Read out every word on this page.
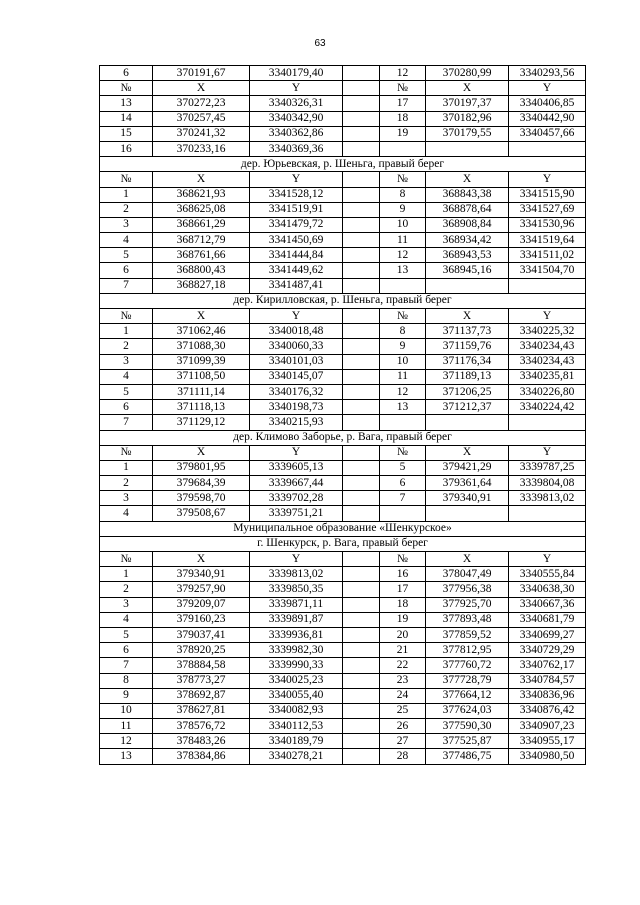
63
6	370191,67	3340179,40		12	370280,99	3340293,56
№	X	Y		№	X	Y
13	370272,23	3340326,31		17	370197,37	3340406,85
14	370257,45	3340342,90		18	370182,96	3340442,90
15	370241,32	3340362,86		19	370179,55	3340457,66
16	370233,16	3340369,36				
дер. Юрьевская, р. Шеньга, правый берег						
№	X	Y		№	X	Y
1	368621,93	3341528,12		8	368843,38	3341515,90
2	368625,08	3341519,91		9	368878,64	3341527,69
3	368661,29	3341479,72		10	368908,84	3341530,96
4	368712,79	3341450,69		11	368934,42	3341519,64
5	368761,66	3341444,84		12	368943,53	3341511,02
6	368800,43	3341449,62		13	368945,16	3341504,70
7	368827,18	3341487,41				
дер. Кирилловская, р. Шеньга, правый берег						
№	X	Y		№	X	Y
1	371062,46	3340018,48		8	371137,73	3340225,32
2	371088,30	3340060,33		9	371159,76	3340234,43
3	371099,39	3340101,03		10	371176,34	3340234,43
4	371108,50	3340145,07		11	371189,13	3340235,81
5	371111,14	3340176,32		12	371206,25	3340226,80
6	371118,13	3340198,73		13	371212,37	3340224,42
7	371129,12	3340215,93				
дер. Климово Заборье, р. Вага, правый берег						
№	X	Y		№	X	Y
1	379801,95	3339605,13		5	379421,29	3339787,25
2	379684,39	3339667,44		6	379361,64	3339804,08
3	379598,70	3339702,28		7	379340,91	3339813,02
4	379508,67	3339751,21				
Муниципальное образование «Шенкурское»						
г. Шенкурск, р. Вага, правый берег						
№	X	Y		№	X	Y
1	379340,91	3339813,02		16	378047,49	3340555,84
2	379257,90	3339850,35		17	377956,38	3340638,30
3	379209,07	3339871,11		18	377925,70	3340667,36
4	379160,23	3339891,87		19	377893,48	3340681,79
5	379037,41	3339936,81		20	377859,52	3340699,27
6	378920,25	3339982,30		21	377812,95	3340729,29
7	378884,58	3339990,33		22	377760,72	3340762,17
8	378773,27	3340025,23		23	377728,79	3340784,57
9	378692,87	3340055,40		24	377664,12	3340836,96
10	378627,81	3340082,93		25	377624,03	3340876,42
11	378576,72	3340112,53		26	377590,30	3340907,23
12	378483,26	3340189,79		27	377525,87	3340955,17
13	378384,86	3340278,21		28	377486,75	3340980,50
